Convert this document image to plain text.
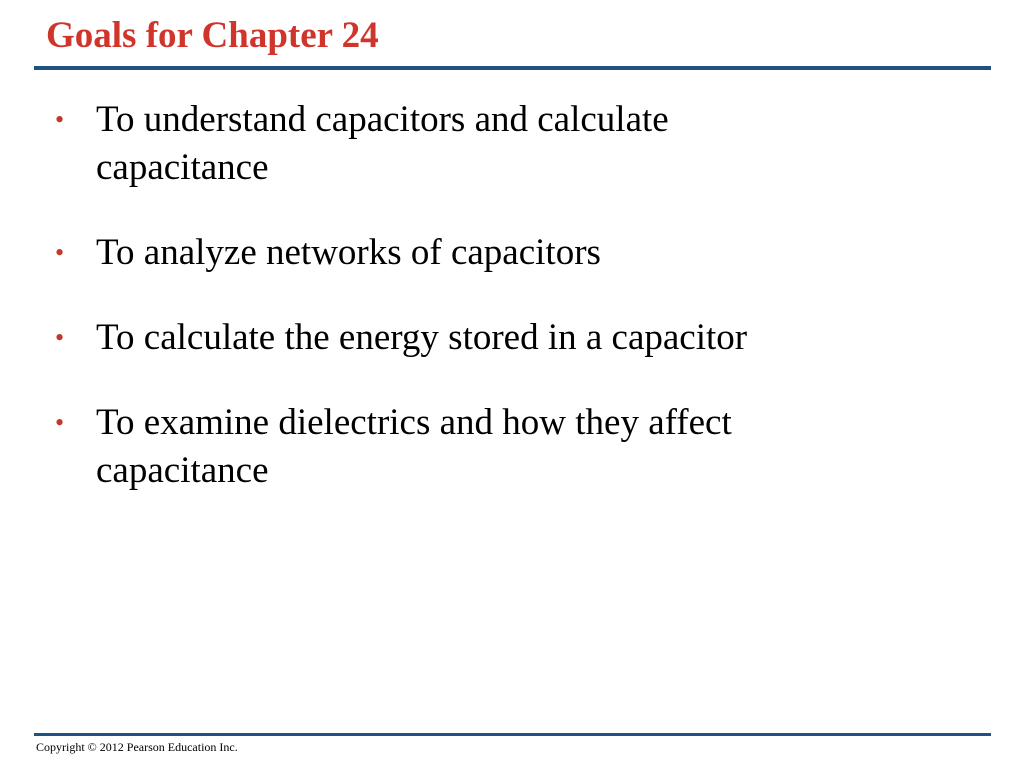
Goals for Chapter 24
• To understand capacitors and calculate capacitance
• To analyze networks of capacitors
• To calculate the energy stored in a capacitor
• To examine dielectrics and how they affect capacitance
Copyright © 2012 Pearson Education Inc.
